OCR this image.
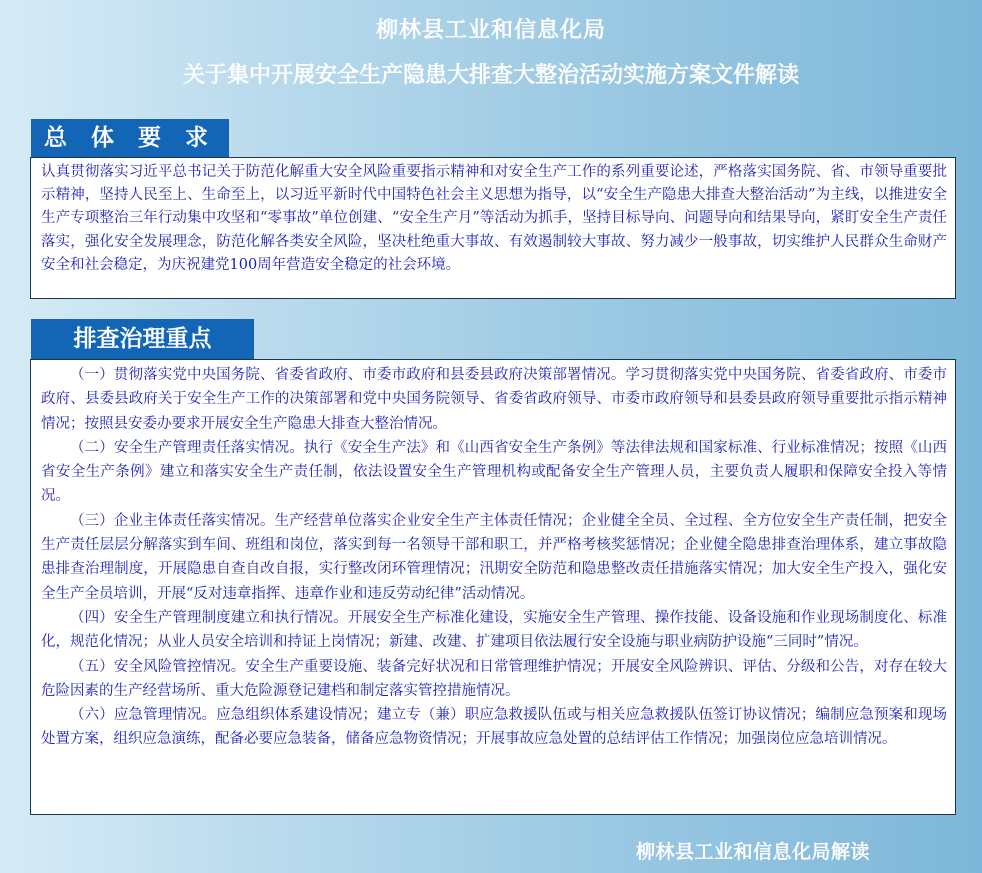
柳林县工业和信息化局
关于集中开展安全生产隐患大排查大整治活动实施方案文件解读
总 体 要 求

认真贯彻落实习近平总书记关于防范化解重大安全风险重要指示精神和对安全生产工作的系列重要论述，严格落实国务院、省、市领导重要批示精神，坚持人民至上、生命至上，以习近平新时代中国特色社会主义思想为指导，以“安全生产隐患大排查大整治活动”为主线，以推进安全生产专项整治三年行动集中攻坚和“零事故”单位创建、“安全生产月”等活动为抓手，坚持目标导向、问题导向和结果导向，紧盯安全生产责任落实，强化安全发展理念，防范化解各类安全风险，坚决杜绝重大事故、有效遏制较大事故、努力减少一般事故，切实维护人民群众生命财产安全和社会稳定，为庆祝建党100周年营造安全稳定的社会环境。

排查治理重点

（一）贯彻落实党中央国务院、省委省政府、市委市政府和县委县政府决策部署情况。学习贯彻落实党中央国务院、省委省政府、市委市政府、县委县政府关于安全生产工作的决策部署和党中央国务院领导、省委省政府领导、市委市政府领导和县委县政府领导重要批示指示精神情况；按照县安委办要求开展安全生产隐患大排查大整治情况。

（二）安全生产管理责任落实情况。执行《安全生产法》和《山西省安全生产条例》等法律法规和国家标准、行业标准情况；按照《山西省安全生产条例》建立和落实安全生产责任制，依法设置安全生产管理机构或配备安全生产管理人员，主要负责人履职和保障安全投入等情况。

（三）企业主体责任落实情况。生产经营单位落实企业安全生产主体责任情况；企业健全全员、全过程、全方位安全生产责任制，把安全生产责任层层分解落实到车间、班组和岗位，落实到每一名领导干部和职工，并严格考核奖惩情况；企业健全隐患排查治理体系，建立事故隐患排查治理制度，开展隐患自查自改自报，实行整改闭环管理情况；汛期安全防范和隐患整改责任措施落实情况；加大安全生产投入，强化安全生产全员培训，开展“反对违章指挥、违章作业和违反劳动纪律”活动情况。

（四）安全生产管理制度建立和执行情况。开展安全生产标准化建设，实施安全生产管理、操作技能、设备设施和作业现场制度化、标准化，规范化情况；从业人员安全培训和持证上岗情况；新建、改建、扩建项目依法履行安全设施与职业病防护设施“三同时”情况。

（五）安全风险管控情况。安全生产重要设施、装备完好状况和日常管理维护情况；开展安全风险辨识、评估、分级和公告，对存在较大危险因素的生产经营场所、重大危险源登记建档和制定落实管控措施情况。

（六）应急管理情况。应急组织体系建设情况；建立专（兼）职应急救援队伍或与相关应急救援队伍签订协议情况；编制应急预案和现场处置方案，组织应急演练，配备必要应急装备，储备应急物资情况；开展事故应急处置的总结评估工作情况；加强岗位应急培训情况。

柳林县工业和信息化局解读
